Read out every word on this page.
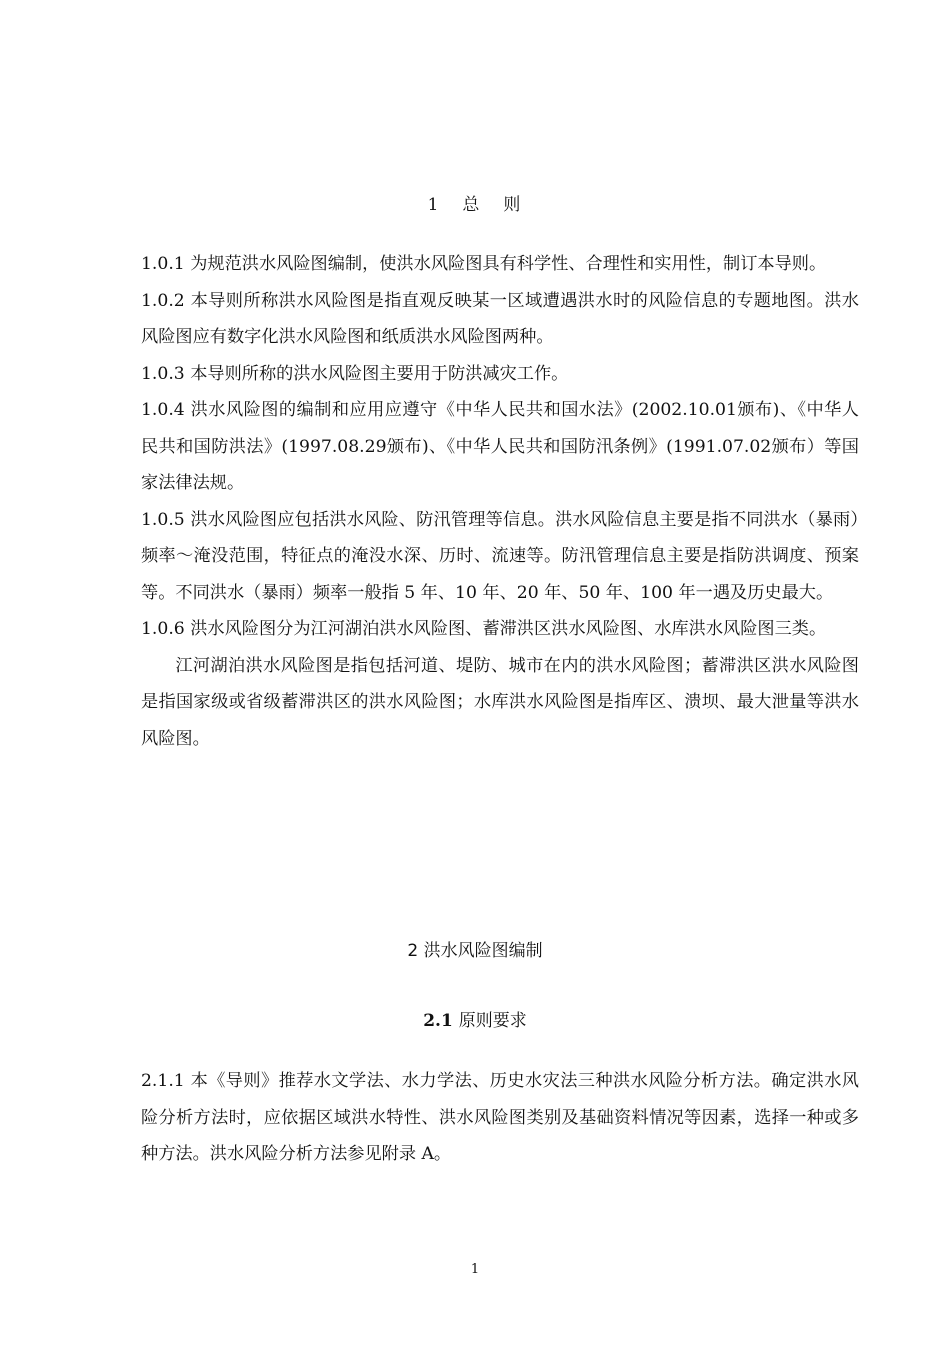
1 总 则

1.0.1 为规范洪水风险图编制，使洪水风险图具有科学性、合理性和实用性，制订本导则。

1.0.2 本导则所称洪水风险图是指直观反映某一区域遭遇洪水时的风险信息的专题地图。洪水风险图应有数字化洪水风险图和纸质洪水风险图两种。

1.0.3 本导则所称的洪水风险图主要用于防洪减灾工作。

1.0.4 洪水风险图的编制和应用应遵守《中华人民共和国水法》(2002.10.01颁布)、《中华人民共和国防洪法》(1997.08.29颁布)、《中华人民共和国防汛条例》(1991.07.02颁布）等国家法律法规。

1.0.5 洪水风险图应包括洪水风险、防汛管理等信息。洪水风险信息主要是指不同洪水（暴雨）频率～淹没范围，特征点的淹没水深、历时、流速等。防汛管理信息主要是指防洪调度、预案等。不同洪水（暴雨）频率一般指 5 年、10 年、20 年、50 年、100 年一遇及历史最大。

1.0.6 洪水风险图分为江河湖泊洪水风险图、蓄滞洪区洪水风险图、水库洪水风险图三类。

江河湖泊洪水风险图是指包括河道、堤防、城市在内的洪水风险图；蓄滞洪区洪水风险图是指国家级或省级蓄滞洪区的洪水风险图；水库洪水风险图是指库区、溃坝、最大泄量等洪水风险图。

2 洪水风险图编制
2.1 原则要求

2.1.1 本《导则》推荐水文学法、水力学法、历史水灾法三种洪水风险分析方法。确定洪水风险分析方法时，应依据区域洪水特性、洪水风险图类别及基础资料情况等因素，选择一种或多种方法。洪水风险分析方法参见附录 A。

1
